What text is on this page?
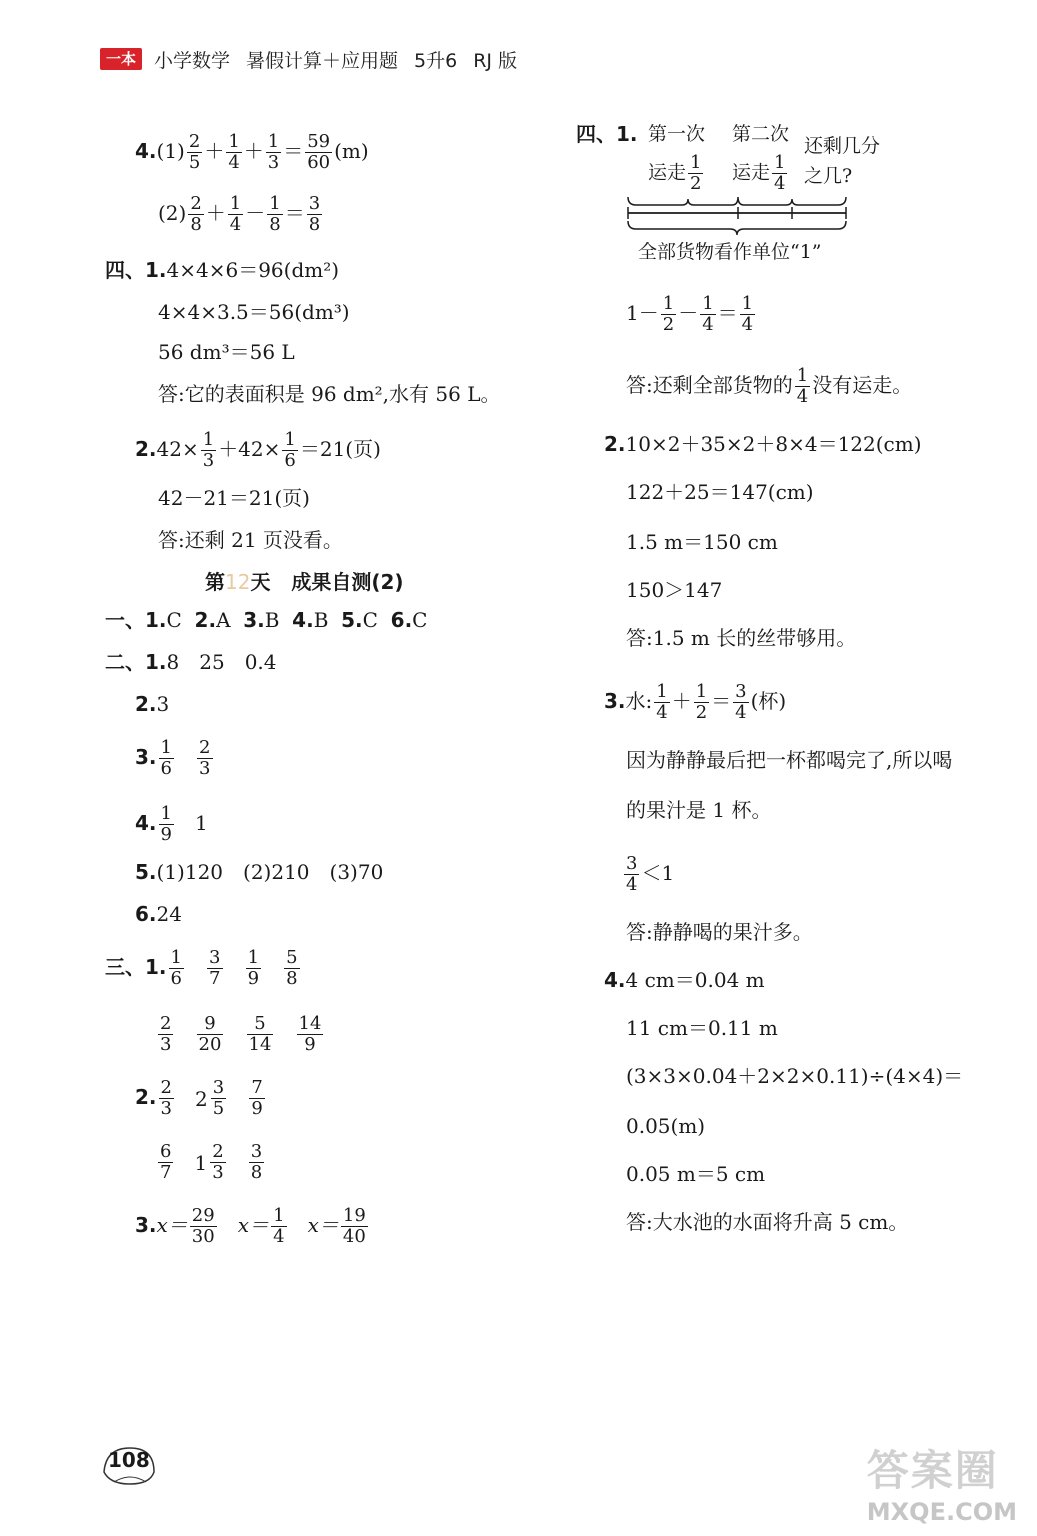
一本 小学数学 暑假计算＋应用题 5升6 RJ 版
$4.(1) \frac{2}{5} + \frac{1}{4} + \frac{1}{3} = \frac{59}{60} (m)$
$(2) \frac{2}{8} + \frac{1}{4} - \frac{1}{8} = \frac{3}{8}$
四、1.4×4×6＝96(dm²)
4×4×3.5＝56(dm³)
56 dm³＝56 L
答:它的表面积是 96 dm²,水有 56 L。
$2.42\times \frac{1}{3} +42\times \frac{1}{6} =21$(页)
42－21＝21(页)
答:还剩 21 页没看。
第12天 成果自测(2)
一、1.C 2.A 3.B 4.B 5.C 6.C
二、1.8　25　0.4
2.3
3. $\frac{1}{6}$
$\frac{2}{3}$
4. $\frac{1}{9} 1$
5.(1)120　(2)210　(3)70
6.24
三、1. $\frac{1}{6}$
$\frac{3}{7}$
$\frac{1}{9}$
$\frac{5}{8}$
$\frac{2}{3}$
$\frac{9}{20}$
$\frac{5}{14}$
$\frac{14}{9}$
2. $\frac{2}{3} 2 \frac{3}{5}$
$\frac{7}{9}$
$\frac{6}{7} 1 \frac{2}{3}$
$\frac{3}{8}$
$3.x= \frac{29}{30} x= \frac{1}{4} x= \frac{19}{40}$
四、1. 第一次
运走 $\frac{1}{2}$
第二次
运走 $\frac{1}{4}$
还剩几分
之几?
全部货物看作单位“1”
$1- \frac{1}{2} - \frac{1}{4} = \frac{1}{4}$
答:还剩全部货物的 $\frac{1}{4}$ 没有运走。
2.10×2＋35×2＋8×4＝122(cm)
122＋25＝147(cm)
1.5 m＝150 cm
150＞147
答:1.5 m 长的丝带够用。
3.水: $\frac{1}{4} + \frac{1}{2} = \frac{3}{4}$ (杯)
因为静静最后把一杯都喝完了,所以喝
的果汁是 1 杯。
$\frac{3}{4} <1$
答:静静喝的果汁多。
4.4 cm＝0.04 m
11 cm＝0.11 m
(3×3×0.04＋2×2×0.11)÷(4×4)＝
0.05(m)
0.05 m＝5 cm
答:大水池的水面将升高 5 cm。
108	答案圈
MXQE.COM
